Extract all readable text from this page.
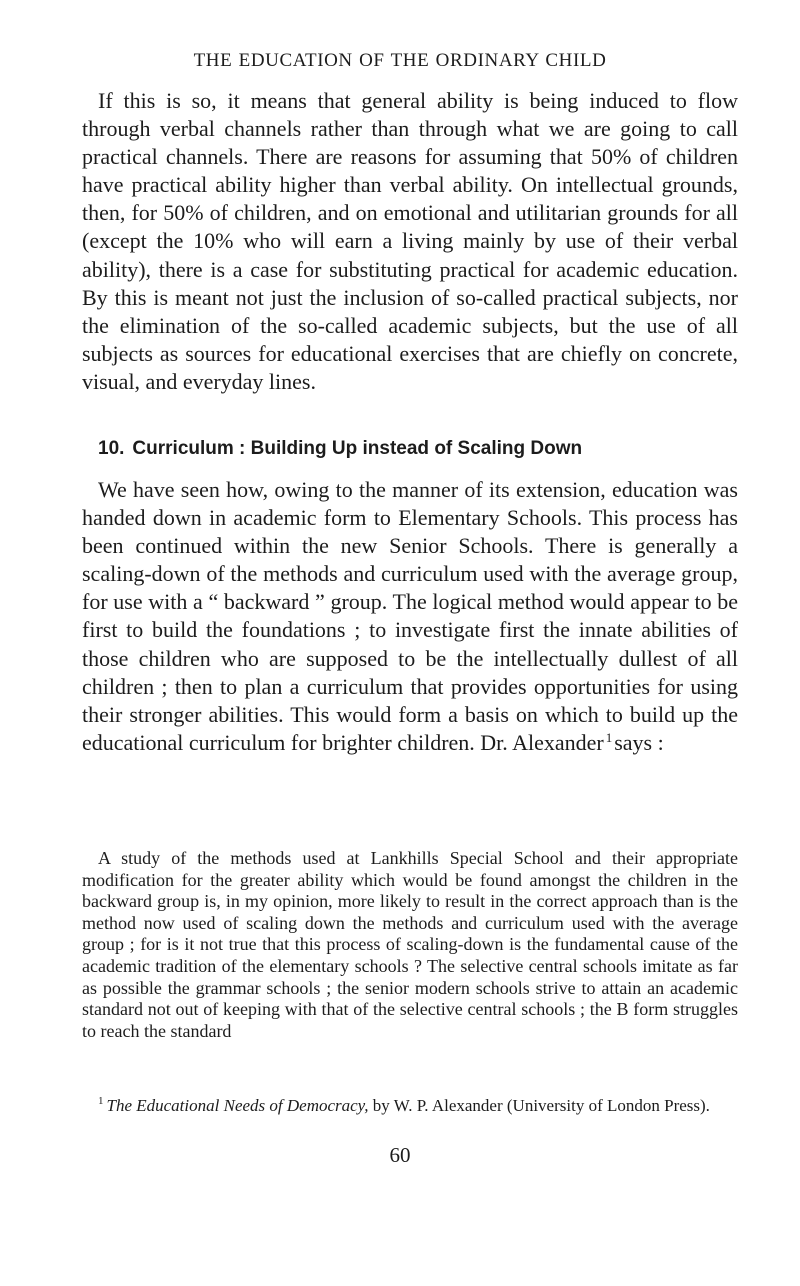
THE EDUCATION OF THE ORDINARY CHILD

If this is so, it means that general ability is being induced to flow through verbal channels rather than through what we are going to call practical channels. There are reasons for assuming that 50% of children have practical ability higher than verbal ability. On intellectual grounds, then, for 50% of children, and on emotional and utilitarian grounds for all (except the 10% who will earn a living mainly by use of their verbal ability), there is a case for substituting practical for academic education. By this is meant not just the inclusion of so-called practical subjects, nor the elimination of the so-called academic subjects, but the use of all subjects as sources for educational exercises that are chiefly on concrete, visual, and everyday lines.

10. Curriculum : Building Up instead of Scaling Down

We have seen how, owing to the manner of its extension, education was handed down in academic form to Elementary Schools. This process has been continued within the new Senior Schools. There is generally a scaling-down of the methods and curriculum used with the average group, for use with a “ backward ” group. The logical method would appear to be first to build the foundations ; to investigate first the innate abilities of those children who are supposed to be the intellectually dullest of all children ; then to plan a curriculum that provides opportunities for using their stronger abilities. This would form a basis on which to build up the educational curriculum for brighter children. Dr. Alexander $^1$says :

A study of the methods used at Lankhills Special School and their appropriate modification for the greater ability which would be found amongst the children in the backward group is, in my opinion, more likely to result in the correct approach than is the method now used of scaling down the methods and curriculum used with the average group ; for is it not true that this process of scaling-down is the fundamental cause of the academic tradition of the elementary schools ? The selective central schools imitate as far as possible the grammar schools ; the senior modern schools strive to attain an academic standard not out of keeping with that of the selective central schools ; the B form struggles to reach the standard

$^1$ The Educational Needs of Democracy, by W. P. Alexander (University of London Press).

60
